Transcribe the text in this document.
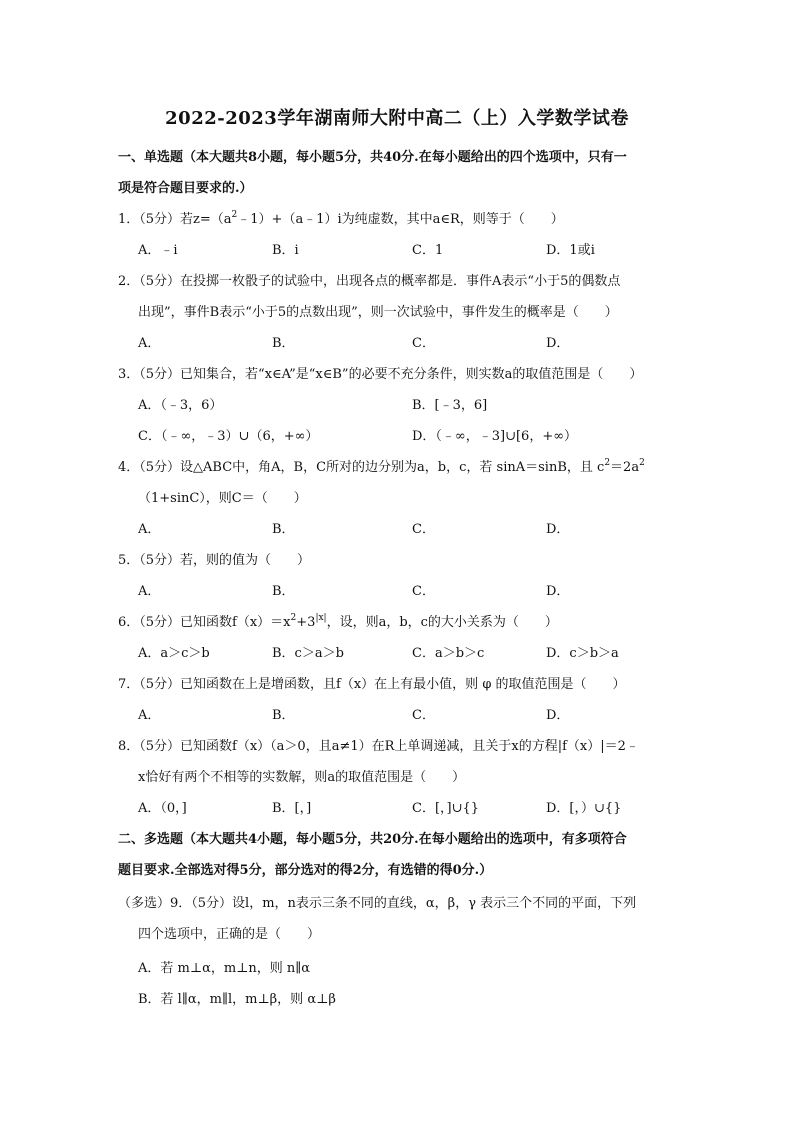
2022-2023学年湖南师大附中高二（上）入学数学试卷
一、单选题（本大题共8小题，每小题5分，共40分.在每小题给出的四个选项中，只有一
项是符合题目要求的.）
1．（5分）若$z=(a^2﹣1)+(a﹣1)i$为纯虚数，其中a∈R，则等于（　　）
A．﹣i	B．i	C．1	D．1或i
2．（5分）在投掷一枚骰子的试验中，出现各点的概率都是．事件A表示“小于5的偶数点
出现”，事件B表示“小于5的点数出现”，则一次试验中，事件发生的概率是（　　）
A．	B．	C．	D．
3．（5分）已知集合，若“x∈A”是“x∈B”的必要不充分条件，则实数a的取值范围是（　　）
A．（﹣3，6）	B．[﹣3，6]
C．（﹣∞，﹣3）∪（6，+∞）	D．（﹣∞，﹣3]∪[6，+∞）
4．（5分）设△ABC中，角A，B，C所对的边分别为a，b，c，若 sinA＝sinB，且 $c^2=2a^2$
（1+sinC），则C＝（　　）
A．	B．	C．	D．
5．（5分）若，则的值为（　　）
A．	B．	C．	D．
6．（5分）已知函数$f(x)=x^2+3^{|x|}$，设，则a，b，c的大小关系为（　　）
A．a＞c＞b	B．c＞a＞b	C．a＞b＞c	D．c＞b＞a
7．（5分）已知函数在上是增函数，且f（x）在上有最小值，则 φ 的取值范围是（　　）
A．	B．	C．	D．
8．（5分）已知函数f（x）（a＞0，且a≠1）在R上单调递减，且关于x的方程|f（x）|＝2﹣
x恰好有两个不相等的实数解，则a的取值范围是（　　）
A．（0，]	B．[，]	C．[，]∪{}	D．[，）∪{}
二、多选题（本大题共4小题，每小题5分，共20分.在每小题给出的选项中，有多项符合
题目要求.全部选对得5分，部分选对的得2分，有选错的得0分.）
（多选）9．（5分）设l，m，n表示三条不同的直线，α，β，γ 表示三个不同的平面，下列
四个选项中，正确的是（　　）
A．若 m⊥α，m⊥n，则 n∥α
B．若 l∥α，m∥l，m⊥β，则 α⊥β
